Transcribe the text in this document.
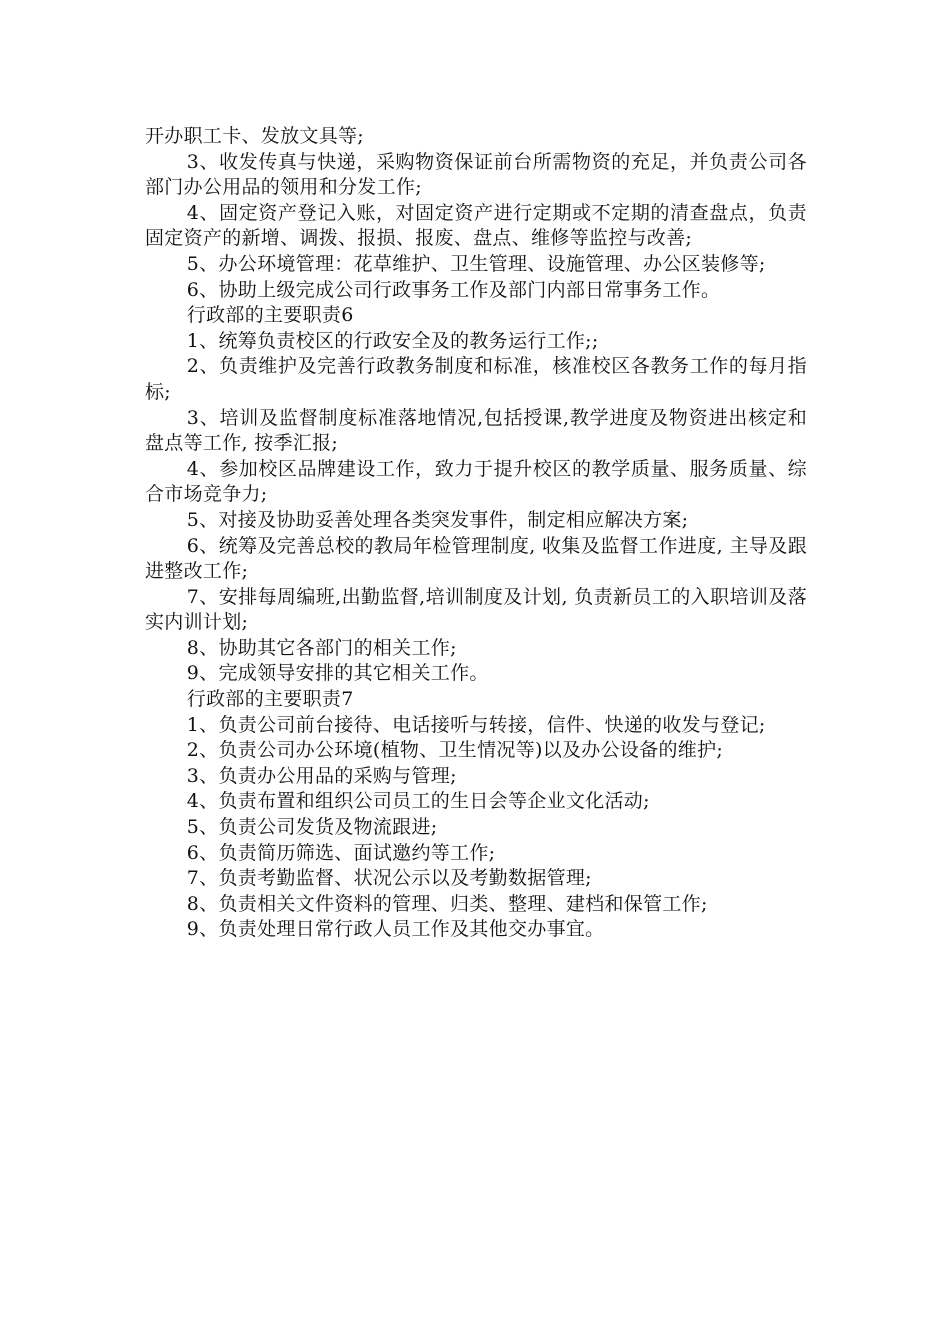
开办职工卡、发放文具等;

3、收发传真与快递，采购物资保证前台所需物资的充足，并负责公司各部门办公用品的领用和分发工作;

4、固定资产登记入账，对固定资产进行定期或不定期的清查盘点，负责固定资产的新增、调拨、报损、报废、盘点、维修等监控与改善;

5、办公环境管理：花草维护、卫生管理、设施管理、办公区装修等;

6、协助上级完成公司行政事务工作及部门内部日常事务工作。

行政部的主要职责6

1、统筹负责校区的行政安全及的教务运行工作;;

2、负责维护及完善行政教务制度和标准，核准校区各教务工作的每月指标;

3、培训及监督制度标准落地情况,包括授课,教学进度及物资进出核定和盘点等工作, 按季汇报;

4、参加校区品牌建设工作，致力于提升校区的教学质量、服务质量、综合市场竞争力;

5、对接及协助妥善处理各类突发事件，制定相应解决方案;

6、统筹及完善总校的教局年检管理制度, 收集及监督工作进度, 主导及跟进整改工作;

7、安排每周编班,出勤监督,培训制度及计划, 负责新员工的入职培训及落实内训计划;

8、协助其它各部门的相关工作;

9、完成领导安排的其它相关工作。

行政部的主要职责7

1、负责公司前台接待、电话接听与转接，信件、快递的收发与登记;

2、负责公司办公环境(植物、卫生情况等)以及办公设备的维护;

3、负责办公用品的采购与管理;

4、负责布置和组织公司员工的生日会等企业文化活动;

5、负责公司发货及物流跟进;

6、负责简历筛选、面试邀约等工作;

7、负责考勤监督、状况公示以及考勤数据管理;

8、负责相关文件资料的管理、归类、整理、建档和保管工作;

9、负责处理日常行政人员工作及其他交办事宜。
